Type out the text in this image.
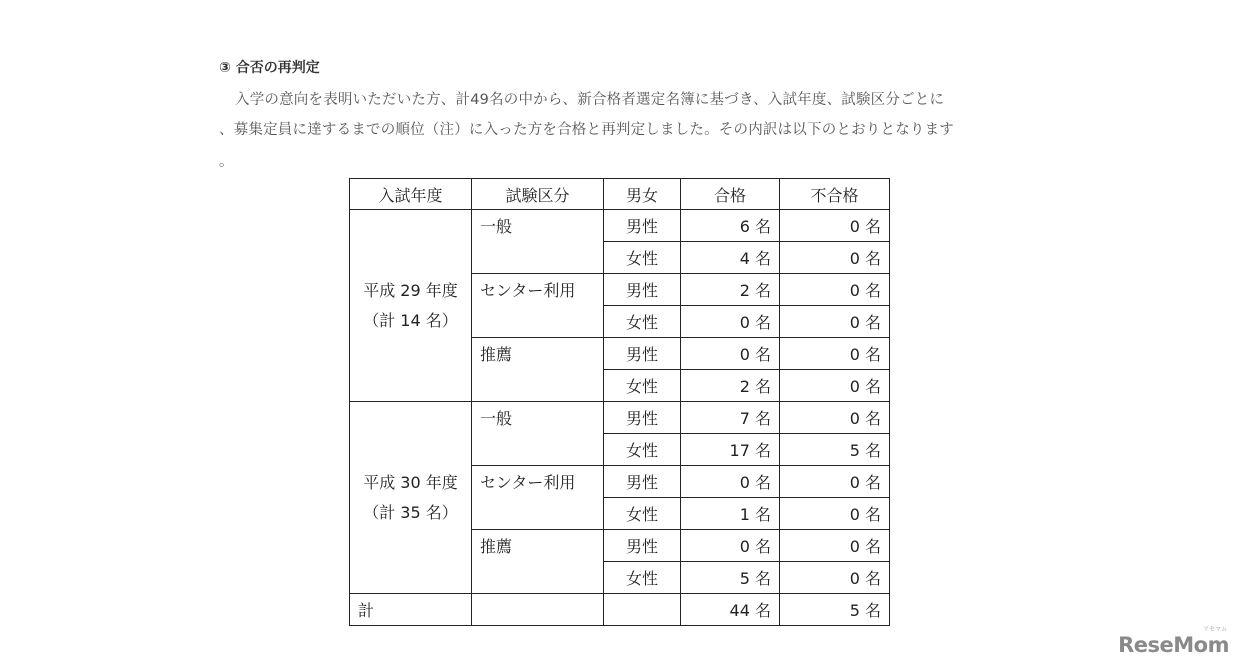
③ 合否の再判定
入学の意向を表明いただいた方、計49名の中から、新合格者選定名簿に基づき、入試年度、試験区分ごとに
、募集定員に達するまでの順位（注）に入った方を合格と再判定しました。その内訳は以下のとおりとなります
。
入試年度	試験区分	男女	合格	不合格

平成 29 年度
（計 14 名）	一般	男性	6 名	0 名
		女性	4 名	0 名
	センター利用	男性	2 名	0 名
		女性	0 名	0 名
	推薦	男性	0 名	0 名
		女性	2 名	0 名

平成 30 年度
（計 35 名）	一般	男性	7 名	0 名
		女性	17 名	5 名
	センター利用	男性	0 名	0 名
		女性	1 名	0 名
	推薦	男性	0 名	0 名
		女性	5 名	0 名
計			44 名	5 名
リセマム
ReseMom
